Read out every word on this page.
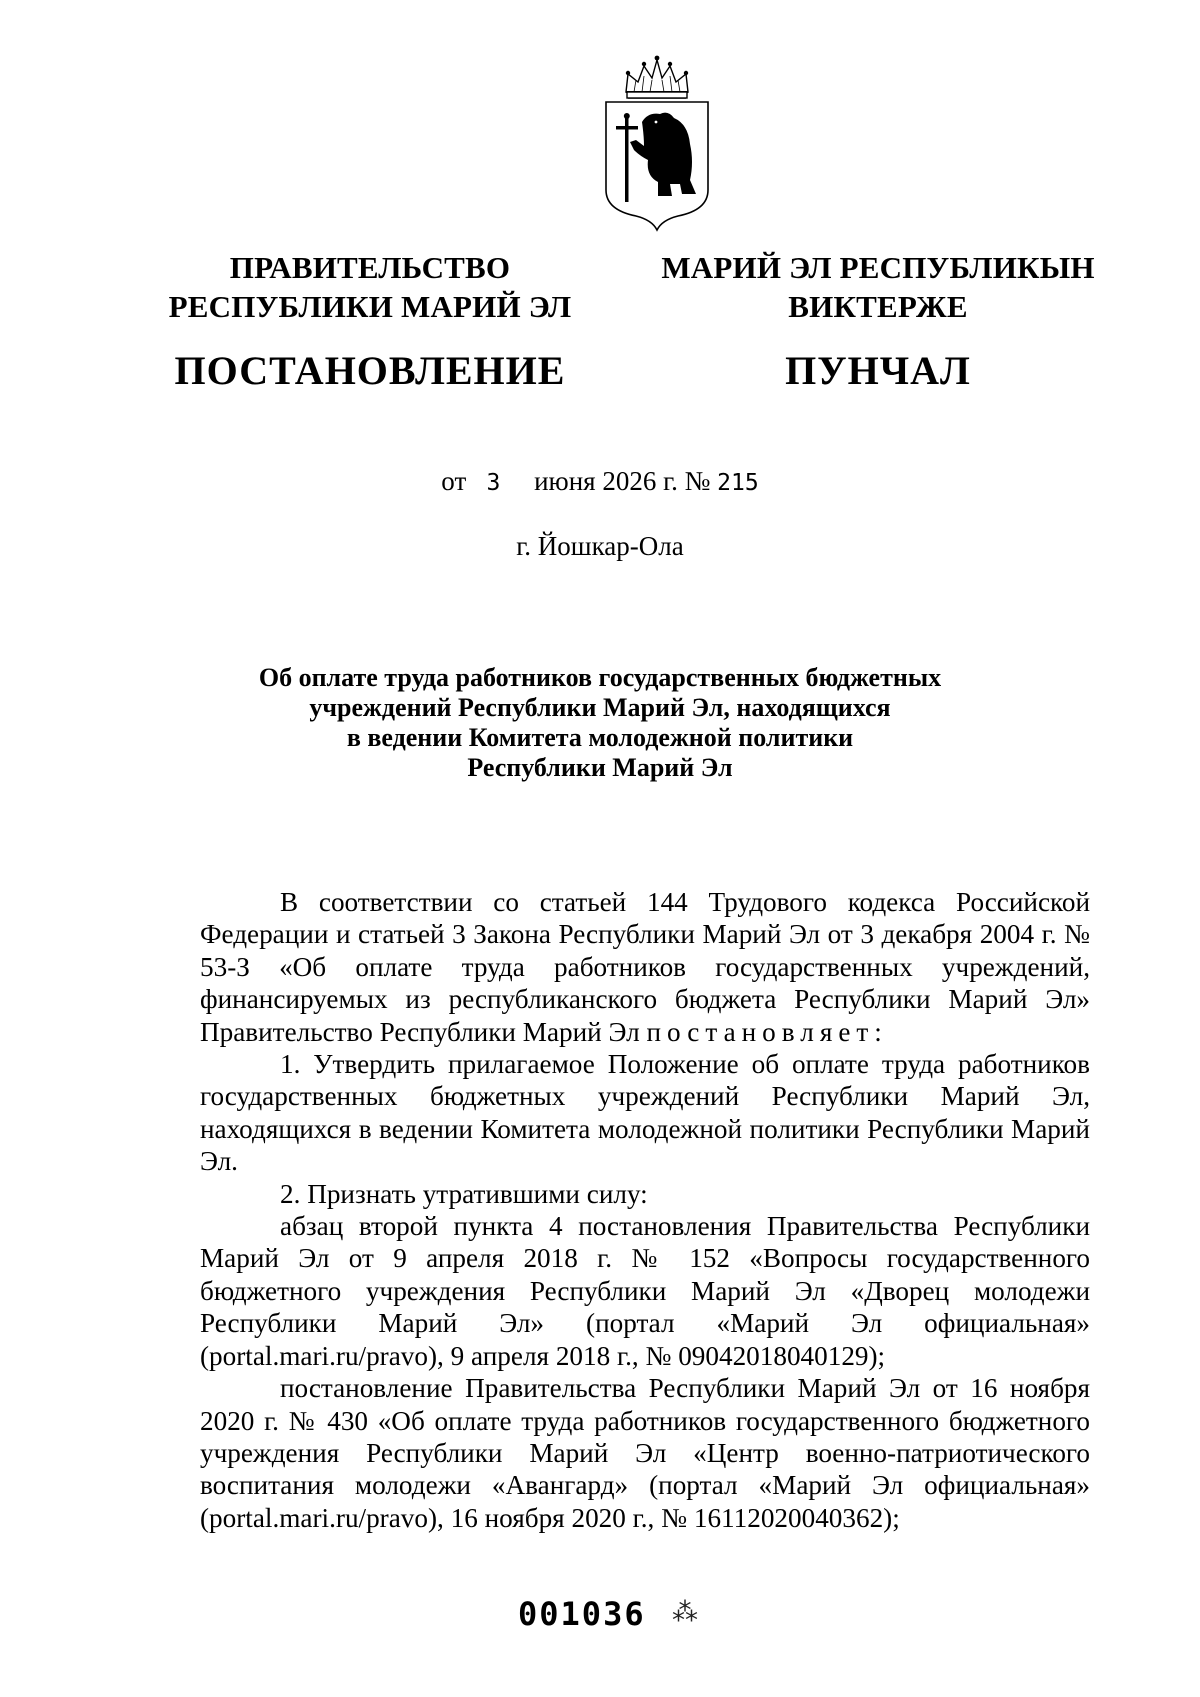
ПРАВИТЕЛЬСТВО
РЕСПУБЛИКИ МАРИЙ ЭЛ
ПОСТАНОВЛЕНИЕ
МАРИЙ ЭЛ РЕСПУБЛИКЫН
ВИКТЕРЖЕ
ПУНЧАЛ
от 3 июня 2026 г. № 215
г. Йошкар-Ола
Об оплате труда работников государственных бюджетных
учреждений Республики Марий Эл, находящихся
в ведении Комитета молодежной политики
Республики Марий Эл

В соответствии со статьей 144 Трудового кодекса Российской Федерации и статьей 3 Закона Республики Марий Эл от 3 декабря 2004 г. № 53-З «Об оплате труда работников государственных учреждений, финансируемых из республиканского бюджета Республики Марий Эл» Правительство Республики Марий Эл постановляет:

1. Утвердить прилагаемое Положение об оплате труда работников государственных бюджетных учреждений Республики Марий Эл, находящихся в ведении Комитета молодежной политики Республики Марий Эл.

2. Признать утратившими силу:

абзац второй пункта 4 постановления Правительства Республики Марий Эл от 9 апреля 2018 г. № 152 «Вопросы государственного бюджетного учреждения Республики Марий Эл «Дворец молодежи Республики Марий Эл» (портал «Марий Эл официальная» (portal.mari.ru/pravo), 9 апреля 2018 г., № 09042018040129);

постановление Правительства Республики Марий Эл от 16 ноября 2020 г. № 430 «Об оплате труда работников государственного бюджетного учреждения Республики Марий Эл «Центр военно-патриотического воспитания молодежи «Авангард» (портал «Марий Эл официальная» (portal.mari.ru/pravo), 16 ноября 2020 г., № 16112020040362);

001036 ⁂
